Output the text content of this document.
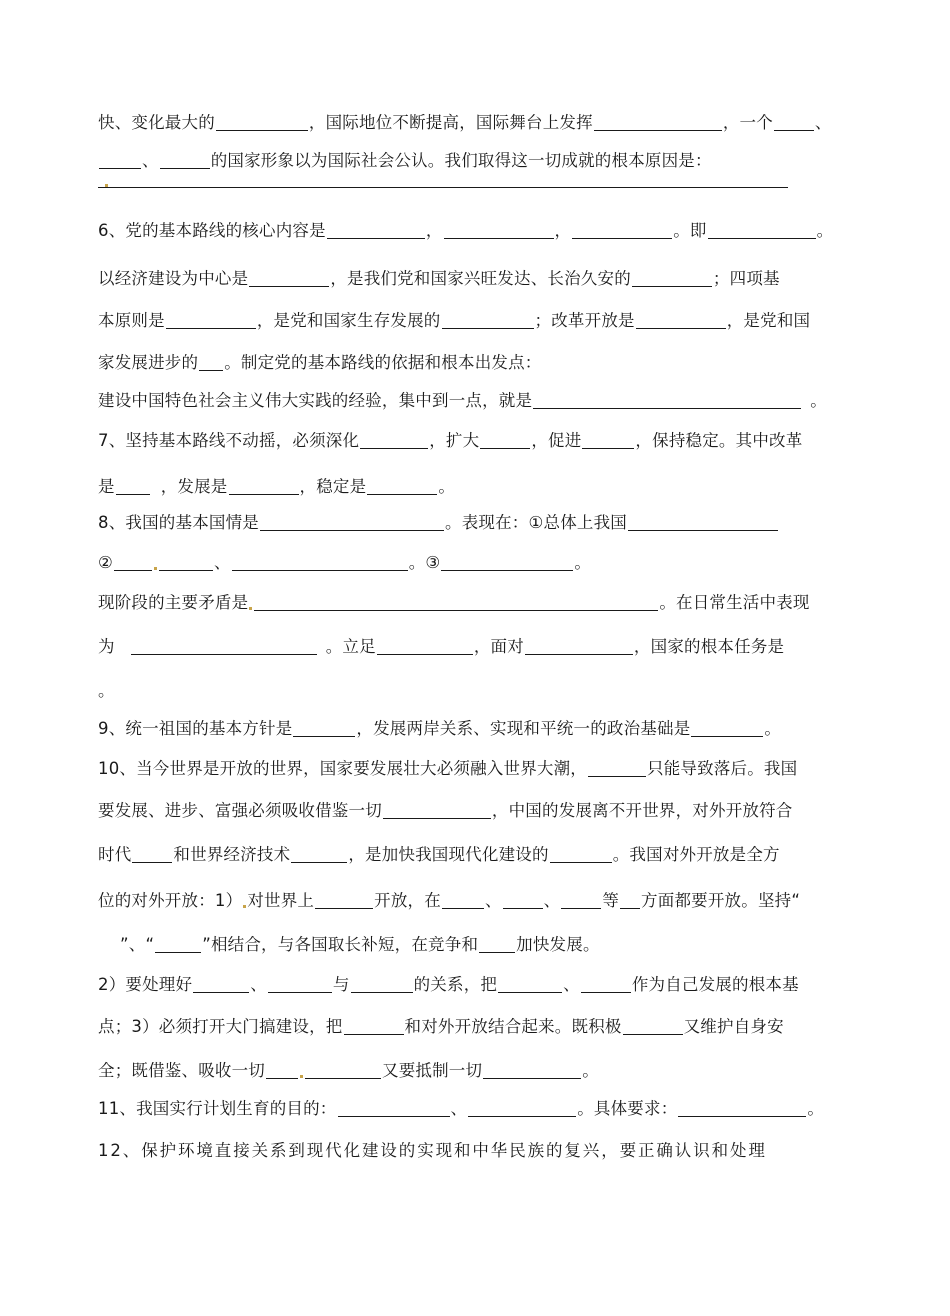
快、变化最大的	，国际地位不断提高，国际舞台上发挥	，一个	、
、	的国家形象以为国际社会公认。我们取得这一切成就的根本原因是：
6、党的基本路线的核心内容是	，	，	。即	。
以经济建设为中心是	，是我们党和国家兴旺发达、长治久安的	；四项基
本原则是	，是党和国家生存发展的	；改革开放是	，是党和国
家发展进步的 。制定党的基本路线的依据和根本出发点：
建设中国特色社会主义伟大实践的经验，集中到一点，就是	。
7、坚持基本路线不动摇，必须深化	，扩大	，促进	，保持稳定。其中改革
是	，发展是	，稳定是	。
8、我国的基本国情是	。表现在：①总体上我国
②	、	。③	。
现阶段的主要矛盾是	。在日常生活中表现
为	。立足	，面对	，国家的根本任务是
。
9、统一祖国的基本方针是	，发展两岸关系、实现和平统一的政治基础是	。
10、当今世界是开放的世界，国家要发展壮大必须融入世界大潮，	只能导致落后。我国
要发展、进步、富强必须吸收借鉴一切	，中国的发展离不开世界，对外开放符合
时代	和世界经济技术	，是加快我国现代化建设的	。我国对外开放是全方
位的对外开放：1） 对世界上	开放，在	、	、	等 方面都要开放。坚持“
”、“	”相结合，与各国取长补短，在竞争和 加快发展。
2）要处理好	、	与	的关系，把	、	作为自己发展的根本基
点；3）必须打开大门搞建设，把	和对外开放结合起来。既积极	又维护自身安
全；既借鉴、吸收一切	又要抵制一切	。
11、我国实行计划生育的目的：	、	。具体要求：	。
12、保护环境直接关系到现代化建设的实现和中华民族的复兴，要正确认识和处理
